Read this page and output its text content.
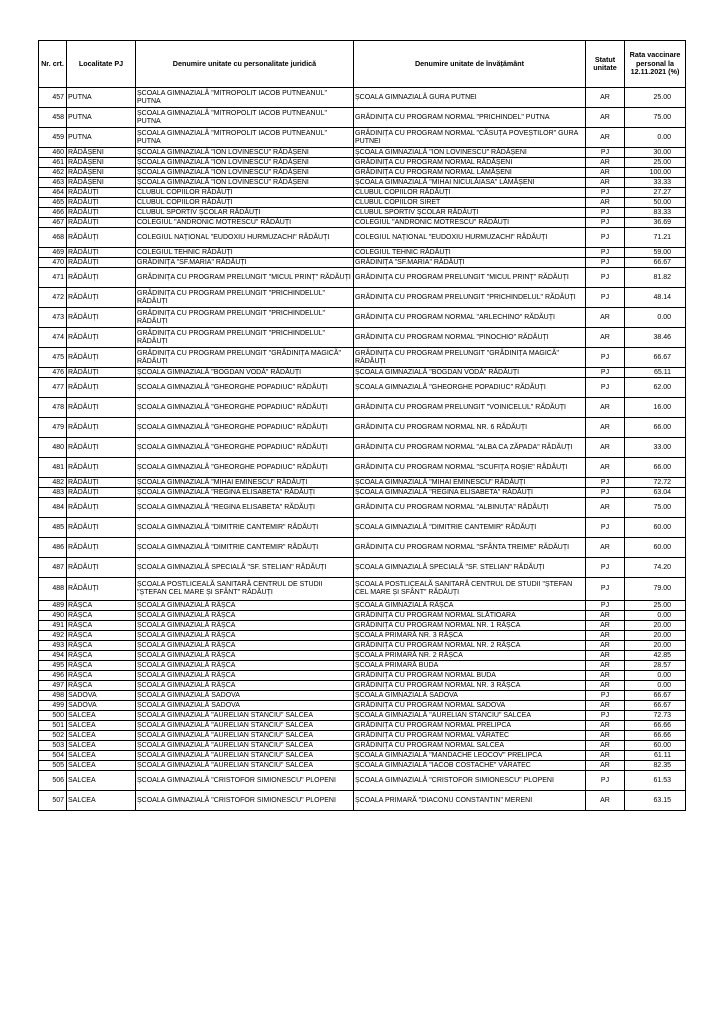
Nr. crt.	Localitate PJ	Denumire unitate cu personalitate juridică	Denumire unitate de învățământ	Statut unitate	Rata vaccinare personal la 12.11.2021 (%)
457	PUTNA	ȘCOALA GIMNAZIALĂ "MITROPOLIT IACOB PUTNEANUL" PUTNA	ȘCOALA GIMNAZIALĂ GURA PUTNEI	AR	25.00
458	PUTNA	ȘCOALA GIMNAZIALĂ "MITROPOLIT IACOB PUTNEANUL" PUTNA	GRĂDINIȚA CU PROGRAM NORMAL "PRICHINDEL" PUTNA	AR	75.00
459	PUTNA	ȘCOALA GIMNAZIALĂ "MITROPOLIT IACOB PUTNEANUL" PUTNA	GRĂDINIȚA CU PROGRAM NORMAL "CĂSUȚA POVEȘTILOR" GURA PUTNEI	AR	0.00
460	RĂDĂȘENI	ȘCOALA GIMNAZIALĂ "ION LOVINESCU" RĂDĂȘENI	ȘCOALA GIMNAZIALĂ "ION LOVINESCU" RĂDĂȘENI	PJ	30.00
461	RĂDĂȘENI	ȘCOALA GIMNAZIALĂ "ION LOVINESCU" RĂDĂȘENI	GRĂDINIȚA CU PROGRAM NORMAL RĂDĂȘENI	AR	25.00
462	RĂDĂȘENI	ȘCOALA GIMNAZIALĂ "ION LOVINESCU" RĂDĂȘENI	GRĂDINIȚA CU PROGRAM NORMAL LĂMĂȘENI	AR	100.00
463	RĂDĂȘENI	ȘCOALA GIMNAZIALĂ "ION LOVINESCU" RĂDĂȘENI	ȘCOALA GIMNAZIALĂ "MIHAI NICULĂIASA" LĂMĂȘENI	AR	33.33
464	RĂDĂUȚI	CLUBUL COPIILOR RĂDĂUȚI	CLUBUL COPIILOR RĂDĂUȚI	PJ	27.27
465	RĂDĂUȚI	CLUBUL COPIILOR RĂDĂUȚI	CLUBUL COPIILOR SIRET	AR	50.00
466	RĂDĂUȚI	CLUBUL SPORTIV ȘCOLAR RĂDĂUȚI	CLUBUL SPORTIV ȘCOLAR RĂDĂUȚI	PJ	83.33
467	RĂDĂUȚI	COLEGIUL "ANDRONIC MOTRESCU" RĂDĂUȚI	COLEGIUL "ANDRONIC MOTRESCU" RĂDĂUȚI	PJ	36.69
468	RĂDĂUȚI	COLEGIUL NAȚIONAL "EUDOXIU HURMUZACHI" RĂDĂUȚI	COLEGIUL NAȚIONAL "EUDOXIU HURMUZACHI" RĂDĂUȚI	PJ	71.21
469	RĂDĂUȚI	COLEGIUL TEHNIC RĂDĂUȚI	COLEGIUL TEHNIC RĂDĂUȚI	PJ	59.00
470	RĂDĂUȚI	GRĂDINIȚA "SF.MARIA" RĂDĂUȚI	GRĂDINIȚA "SF.MARIA" RĂDĂUȚI	PJ	66.67
471	RĂDĂUȚI	GRĂDINIȚA CU PROGRAM PRELUNGIT "MICUL PRINȚ" RĂDĂUȚI	GRĂDINIȚA CU PROGRAM PRELUNGIT "MICUL PRINȚ" RĂDĂUȚI	PJ	81.82
472	RĂDĂUȚI	GRĂDINIȚA CU PROGRAM PRELUNGIT "PRICHINDELUL" RĂDĂUȚI	GRĂDINIȚA CU PROGRAM PRELUNGIT "PRICHINDELUL" RĂDĂUȚI	PJ	48.14
473	RĂDĂUȚI	GRĂDINIȚA CU PROGRAM PRELUNGIT "PRICHINDELUL" RĂDĂUȚI	GRĂDINIȚA CU PROGRAM NORMAL "ARLECHINO" RĂDĂUȚI	AR	0.00
474	RĂDĂUȚI	GRĂDINIȚA CU PROGRAM PRELUNGIT "PRICHINDELUL" RĂDĂUȚI	GRĂDINIȚA CU PROGRAM NORMAL "PINOCHIO" RĂDĂUȚI	AR	38.46
475	RĂDĂUȚI	GRĂDINIȚA CU PROGRAM PRELUNGIT "GRĂDINIȚA MAGICĂ" RĂDĂUȚI	GRĂDINIȚA CU PROGRAM PRELUNGIT "GRĂDINIȚA MAGICĂ" RĂDĂUȚI	PJ	66.67
476	RĂDĂUȚI	ȘCOALA GIMNAZIALĂ "BOGDAN VODĂ" RĂDĂUȚI	ȘCOALA GIMNAZIALĂ "BOGDAN VODĂ" RĂDĂUȚI	PJ	65.11
477	RĂDĂUȚI	ȘCOALA GIMNAZIALĂ "GHEORGHE POPADIUC" RĂDĂUȚI	ȘCOALA GIMNAZIALĂ "GHEORGHE POPADIUC" RĂDĂUȚI	PJ	62.00
478	RĂDĂUȚI	ȘCOALA GIMNAZIALĂ "GHEORGHE POPADIUC" RĂDĂUȚI	GRĂDINIȚA CU PROGRAM PRELUNGIT "VOINICELUL" RĂDĂUȚI	AR	16.00
479	RĂDĂUȚI	ȘCOALA GIMNAZIALĂ "GHEORGHE POPADIUC" RĂDĂUȚI	GRĂDINIȚA CU PROGRAM NORMAL NR. 6 RĂDĂUȚI	AR	66.00
480	RĂDĂUȚI	ȘCOALA GIMNAZIALĂ "GHEORGHE POPADIUC" RĂDĂUȚI	GRĂDINIȚA CU PROGRAM NORMAL "ALBA CA ZĂPADA" RĂDĂUȚI	AR	33.00
481	RĂDĂUȚI	ȘCOALA GIMNAZIALĂ "GHEORGHE POPADIUC" RĂDĂUȚI	GRĂDINIȚA CU PROGRAM NORMAL "SCUFIȚA ROȘIE" RĂDĂUȚI	AR	66.00
482	RĂDĂUȚI	ȘCOALA GIMNAZIALĂ "MIHAI EMINESCU" RĂDĂUȚI	ȘCOALA GIMNAZIALĂ "MIHAI EMINESCU" RĂDĂUȚI	PJ	72.72
483	RĂDĂUȚI	ȘCOALA GIMNAZIALĂ "REGINA ELISABETA" RĂDĂUȚI	ȘCOALA GIMNAZIALĂ "REGINA ELISABETA" RĂDĂUȚI	PJ	63.04
484	RĂDĂUȚI	ȘCOALA GIMNAZIALĂ "REGINA ELISABETA" RĂDĂUȚI	GRĂDINIȚA CU PROGRAM NORMAL "ALBINUȚA" RĂDĂUȚI	AR	75.00
485	RĂDĂUȚI	ȘCOALA GIMNAZIALĂ "DIMITRIE CANTEMIR" RĂDĂUȚI	ȘCOALA GIMNAZIALĂ "DIMITRIE CANTEMIR" RĂDĂUȚI	PJ	60.00
486	RĂDĂUȚI	ȘCOALA GIMNAZIALĂ "DIMITRIE CANTEMIR" RĂDĂUȚI	GRĂDINIȚA CU PROGRAM NORMAL "SFÂNTA TREIME" RĂDĂUȚI	AR	60.00
487	RĂDĂUȚI	ȘCOALA GIMNAZIALĂ SPECIALĂ "SF. STELIAN" RĂDĂUȚI	ȘCOALA GIMNAZIALĂ SPECIALĂ "SF. STELIAN" RĂDĂUȚI	PJ	74.20
488	RĂDĂUȚI	ȘCOALA POSTLICEALĂ SANITARĂ CENTRUL DE STUDII "ȘTEFAN CEL MARE ȘI SFÂNT" RĂDĂUȚI	ȘCOALA POSTLICEALĂ SANITARĂ CENTRUL DE STUDII "ȘTEFAN CEL MARE ȘI SFÂNT" RĂDĂUȚI	PJ	79.00
489	RÂȘCA	ȘCOALA GIMNAZIALĂ RÂȘCA	ȘCOALA GIMNAZIALĂ RÂȘCA	PJ	25.00
490	RÂȘCA	ȘCOALA GIMNAZIALĂ RÂȘCA	GRĂDINIȚA CU PROGRAM NORMAL SLĂTIOARA	AR	0.00
491	RÂȘCA	ȘCOALA GIMNAZIALĂ RÂȘCA	GRĂDINIȚA CU PROGRAM NORMAL NR. 1 RÂȘCA	AR	20.00
492	RÂȘCA	ȘCOALA GIMNAZIALĂ RÂȘCA	ȘCOALA PRIMARĂ NR. 3 RÂȘCA	AR	20.00
493	RÂȘCA	ȘCOALA GIMNAZIALĂ RÂȘCA	GRĂDINIȚA CU PROGRAM NORMAL NR. 2 RÂȘCA	AR	20.00
494	RÂȘCA	ȘCOALA GIMNAZIALĂ RÂȘCA	ȘCOALA PRIMARĂ NR. 2 RÂȘCA	AR	42.85
495	RÂȘCA	ȘCOALA GIMNAZIALĂ RÂȘCA	ȘCOALA PRIMARĂ BUDA	AR	28.57
496	RÂȘCA	ȘCOALA GIMNAZIALĂ RÂȘCA	GRĂDINIȚA CU PROGRAM NORMAL BUDA	AR	0.00
497	RÂȘCA	ȘCOALA GIMNAZIALĂ RÂȘCA	GRĂDINIȚA CU PROGRAM NORMAL NR. 3 RÂȘCA	AR	0.00
498	SADOVA	ȘCOALA GIMNAZIALĂ SADOVA	ȘCOALA GIMNAZIALĂ SADOVA	PJ	66.67
499	SADOVA	ȘCOALA GIMNAZIALĂ SADOVA	GRĂDINIȚA CU PROGRAM NORMAL SADOVA	AR	66.67
500	SALCEA	ȘCOALA GIMNAZIALĂ "AURELIAN STANCIU" SALCEA	ȘCOALA GIMNAZIALĂ "AURELIAN STANCIU" SALCEA	PJ	72.73
501	SALCEA	ȘCOALA GIMNAZIALĂ "AURELIAN STANCIU" SALCEA	GRĂDINIȚA CU PROGRAM NORMAL PRELIPCA	AR	66.66
502	SALCEA	ȘCOALA GIMNAZIALĂ "AURELIAN STANCIU" SALCEA	GRĂDINIȚA CU PROGRAM NORMAL VĂRATEC	AR	66.66
503	SALCEA	ȘCOALA GIMNAZIALĂ "AURELIAN STANCIU" SALCEA	GRĂDINIȚA CU PROGRAM NORMAL SALCEA	AR	60.00
504	SALCEA	ȘCOALA GIMNAZIALĂ "AURELIAN STANCIU" SALCEA	ȘCOALA GIMNAZIALĂ "MANDACHE LEOCOV" PRELIPCA	AR	61.11
505	SALCEA	ȘCOALA GIMNAZIALĂ "AURELIAN STANCIU" SALCEA	ȘCOALA GIMNAZIALĂ "IACOB COSTACHE" VĂRATEC	AR	82.35
506	SALCEA	ȘCOALA GIMNAZIALĂ "CRISTOFOR SIMIONESCU" PLOPENI	ȘCOALA GIMNAZIALĂ "CRISTOFOR SIMIONESCU" PLOPENI	PJ	61.53
507	SALCEA	ȘCOALA GIMNAZIALĂ "CRISTOFOR SIMIONESCU" PLOPENI	ȘCOALA PRIMARĂ "DIACONU CONSTANTIN" MERENI	AR	63.15
